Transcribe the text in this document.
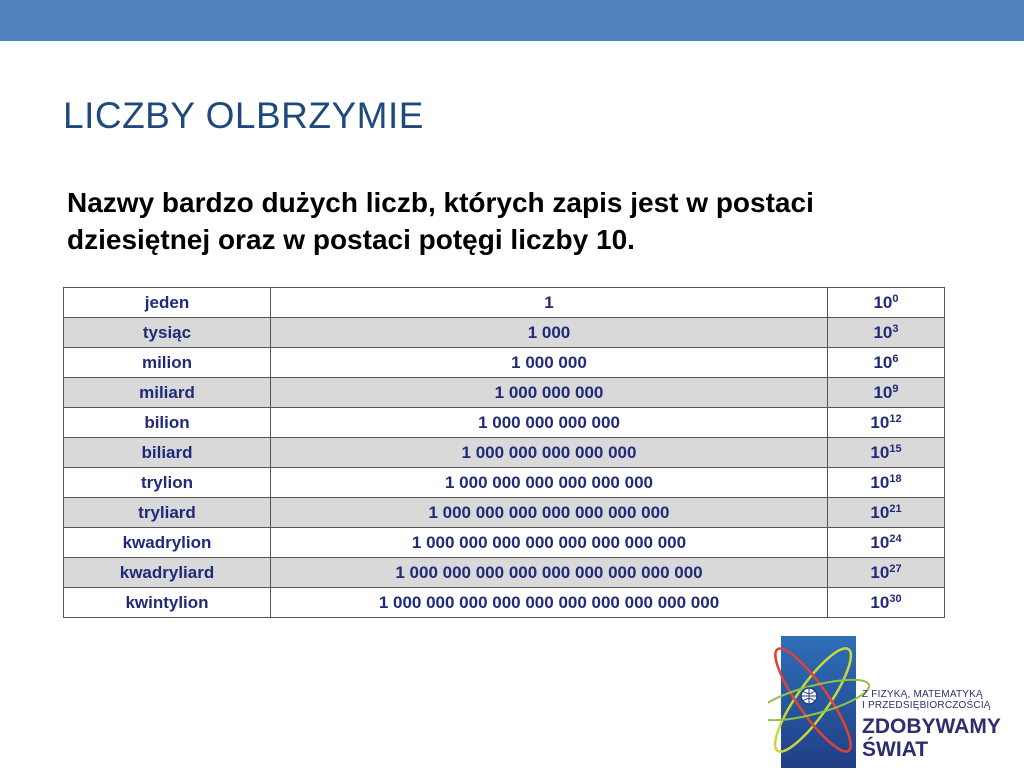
LICZBY OLBRZYMIE

Nazwy bardzo dużych liczb, których zapis jest w postaci dziesiętnej oraz w postaci potęgi liczby 10.

jeden	1	$10^0$
tysiąc	1 000	$10^3$
milion	1 000 000	$10^6$
miliard	1 000 000 000	$10^9$
bilion	1 000 000 000 000	$10^{12}$
biliard	1 000 000 000 000 000	$10^{15}$
trylion	1 000 000 000 000 000 000	$10^{18}$
tryliard	1 000 000 000 000 000 000 000	$10^{21}$
kwadrylion	1 000 000 000 000 000 000 000 000	$10^{24}$
kwadryliard	1 000 000 000 000 000 000 000 000 000	$10^{27}$
kwintylion	1 000 000 000 000 000 000 000 000 000 000	$10^{30}$
Z FIZYKĄ, MATEMATYKĄ
I PRZEDSIĘBIORCZOŚCIĄ
ZDOBYWAMY
ŚWIAT
